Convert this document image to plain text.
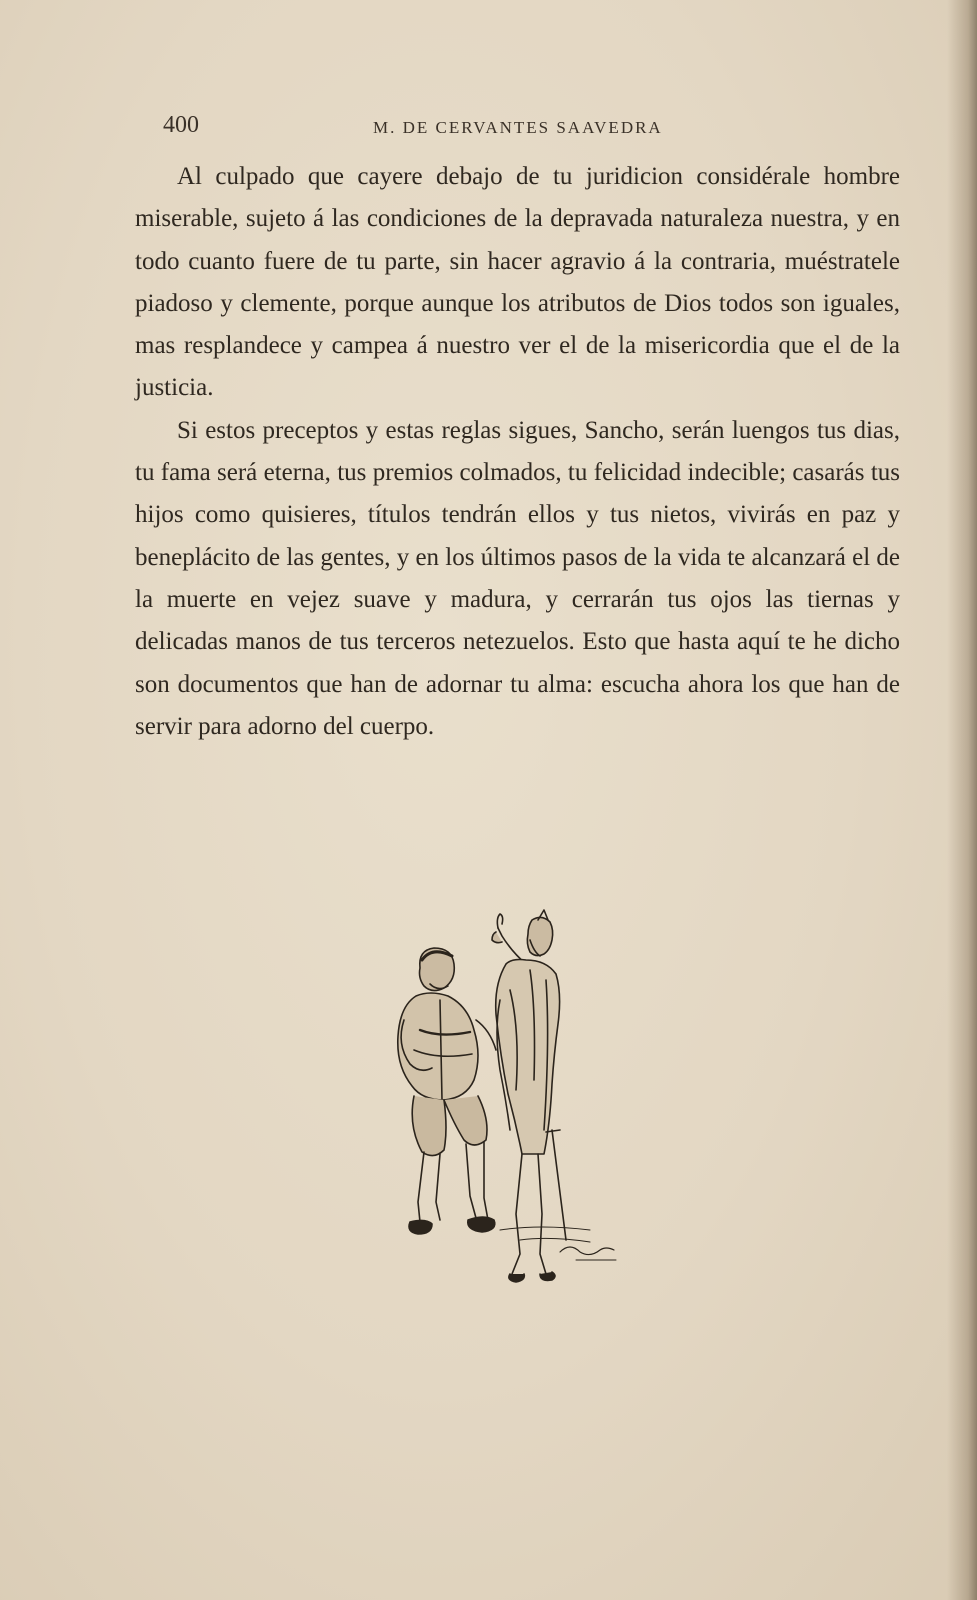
400	M. DE CERVANTES SAAVEDRA

Al culpado que cayere debajo de tu juridicion considérale hombre miserable, sujeto á las condiciones de la depravada naturaleza nuestra, y en todo cuanto fuere de tu parte, sin hacer agravio á la contraria, muéstratele piadoso y clemente, porque aunque los atributos de Dios todos son iguales, mas resplandece y campea á nuestro ver el de la misericordia que el de la justicia.

Si estos preceptos y estas reglas sigues, Sancho, serán luengos tus dias, tu fama será eterna, tus premios colmados, tu felicidad indecible; casarás tus hijos como quisieres, títulos tendrán ellos y tus nietos, vivirás en paz y beneplácito de las gentes, y en los últimos pasos de la vida te alcanzará el de la muerte en vejez suave y madura, y cerrarán tus ojos las tiernas y delicadas manos de tus terceros netezuelos. Esto que hasta aquí te he dicho son documentos que han de adornar tu alma: escucha ahora los que han de servir para adorno del cuerpo.
